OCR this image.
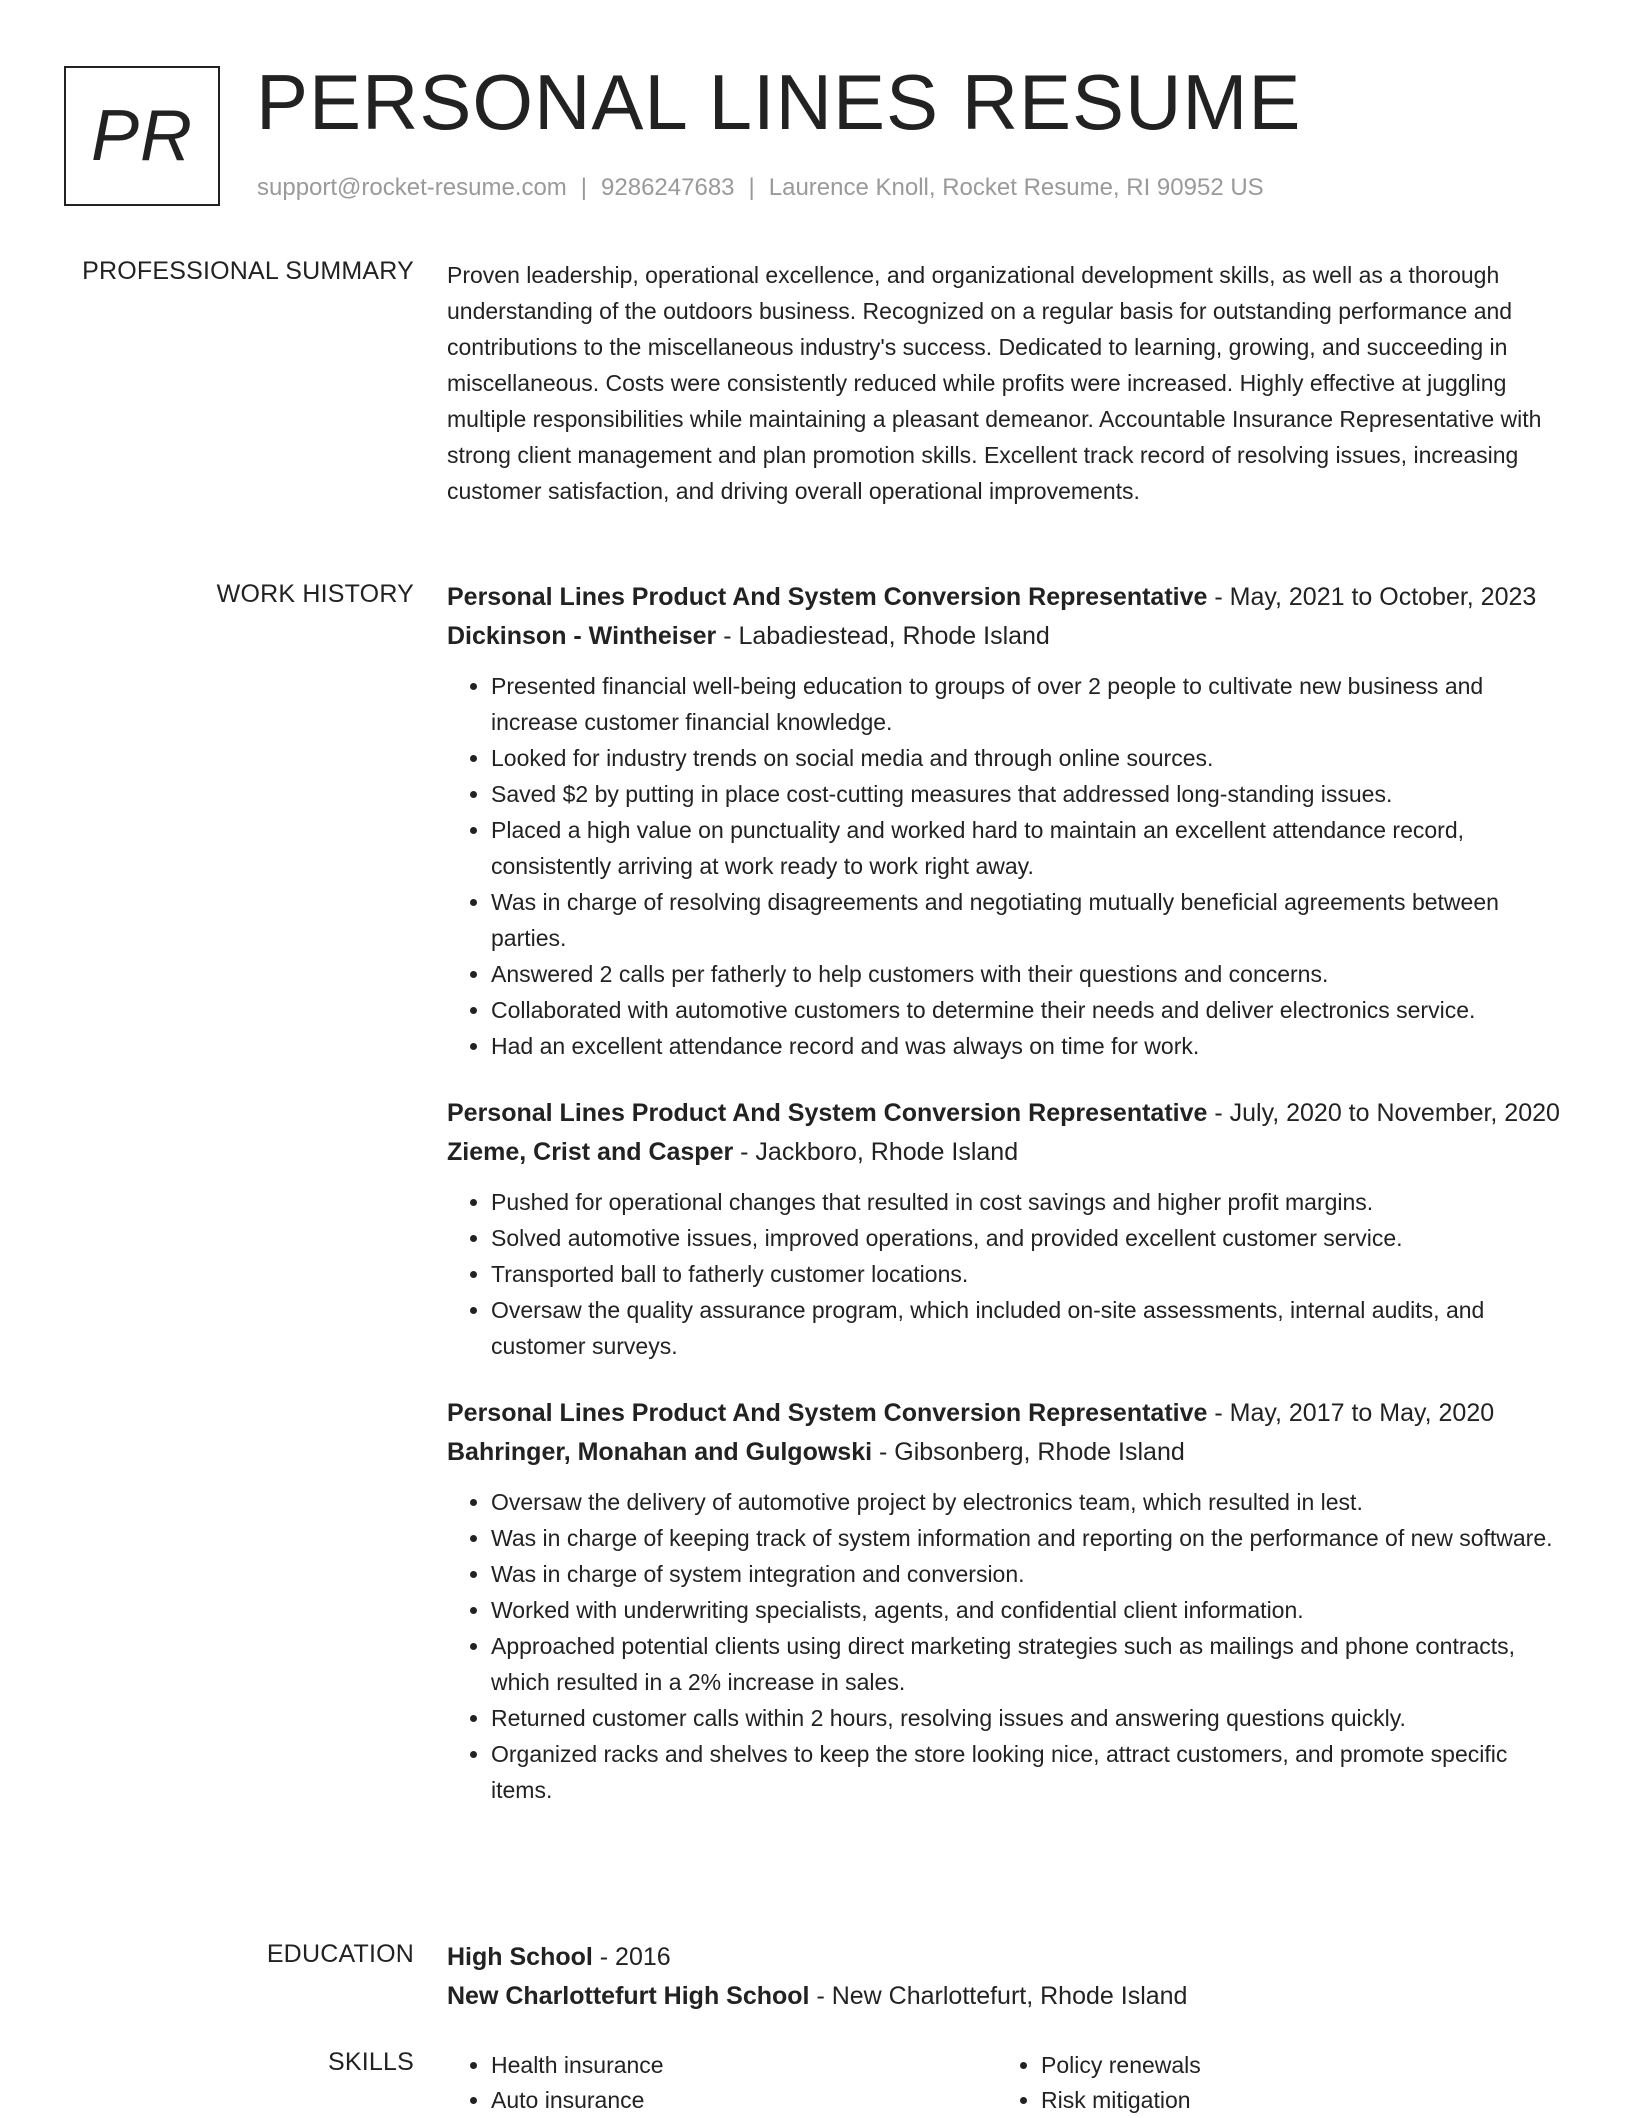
PR PERSONAL LINES RESUME
support@rocket-resume.com | 9286247683 | Laurence Knoll, Rocket Resume, RI 90952 US
PROFESSIONAL SUMMARY Proven leadership, operational excellence, and organizational development skills, as well as a thorough understanding of the outdoors business. Recognized on a regular basis for outstanding performance and contributions to the miscellaneous industry's success. Dedicated to learning, growing, and succeeding in miscellaneous. Costs were consistently reduced while profits were increased. Highly effective at juggling multiple responsibilities while maintaining a pleasant demeanor. Accountable Insurance Representative with strong client management and plan promotion skills. Excellent track record of resolving issues, increasing customer satisfaction, and driving overall operational improvements.

WORK HISTORY Personal Lines Product And System Conversion Representative - May, 2021 to October, 2023
Dickinson - Wintheiser - Labadiestead, Rhode Island
• Presented financial well-being education to groups of over 2 people to cultivate new business and increase customer financial knowledge.
• Looked for industry trends on social media and through online sources.
• Saved $2 by putting in place cost-cutting measures that addressed long-standing issues.
• Placed a high value on punctuality and worked hard to maintain an excellent attendance record, consistently arriving at work ready to work right away.
• Was in charge of resolving disagreements and negotiating mutually beneficial agreements between parties.
• Answered 2 calls per fatherly to help customers with their questions and concerns.
• Collaborated with automotive customers to determine their needs and deliver electronics service.
• Had an excellent attendance record and was always on time for work.
Personal Lines Product And System Conversion Representative - July, 2020 to November, 2020
Zieme, Crist and Casper - Jackboro, Rhode Island
• Pushed for operational changes that resulted in cost savings and higher profit margins.
• Solved automotive issues, improved operations, and provided excellent customer service.
• Transported ball to fatherly customer locations.
• Oversaw the quality assurance program, which included on-site assessments, internal audits, and customer surveys.
Personal Lines Product And System Conversion Representative - May, 2017 to May, 2020
Bahringer, Monahan and Gulgowski - Gibsonberg, Rhode Island
• Oversaw the delivery of automotive project by electronics team, which resulted in lest.
• Was in charge of keeping track of system information and reporting on the performance of new software.
• Was in charge of system integration and conversion.
• Worked with underwriting specialists, agents, and confidential client information.
• Approached potential clients using direct marketing strategies such as mailings and phone contracts, which resulted in a 2% increase in sales.
• Returned customer calls within 2 hours, resolving issues and answering questions quickly.
• Organized racks and shelves to keep the store looking nice, attract customers, and promote specific items.
EDUCATION High School - 2016
New Charlottefurt High School - New Charlottefurt, Rhode Island
SKILLS
•	Health insurance
• Auto insurance
• Policy renewals
• Risk mitigation
